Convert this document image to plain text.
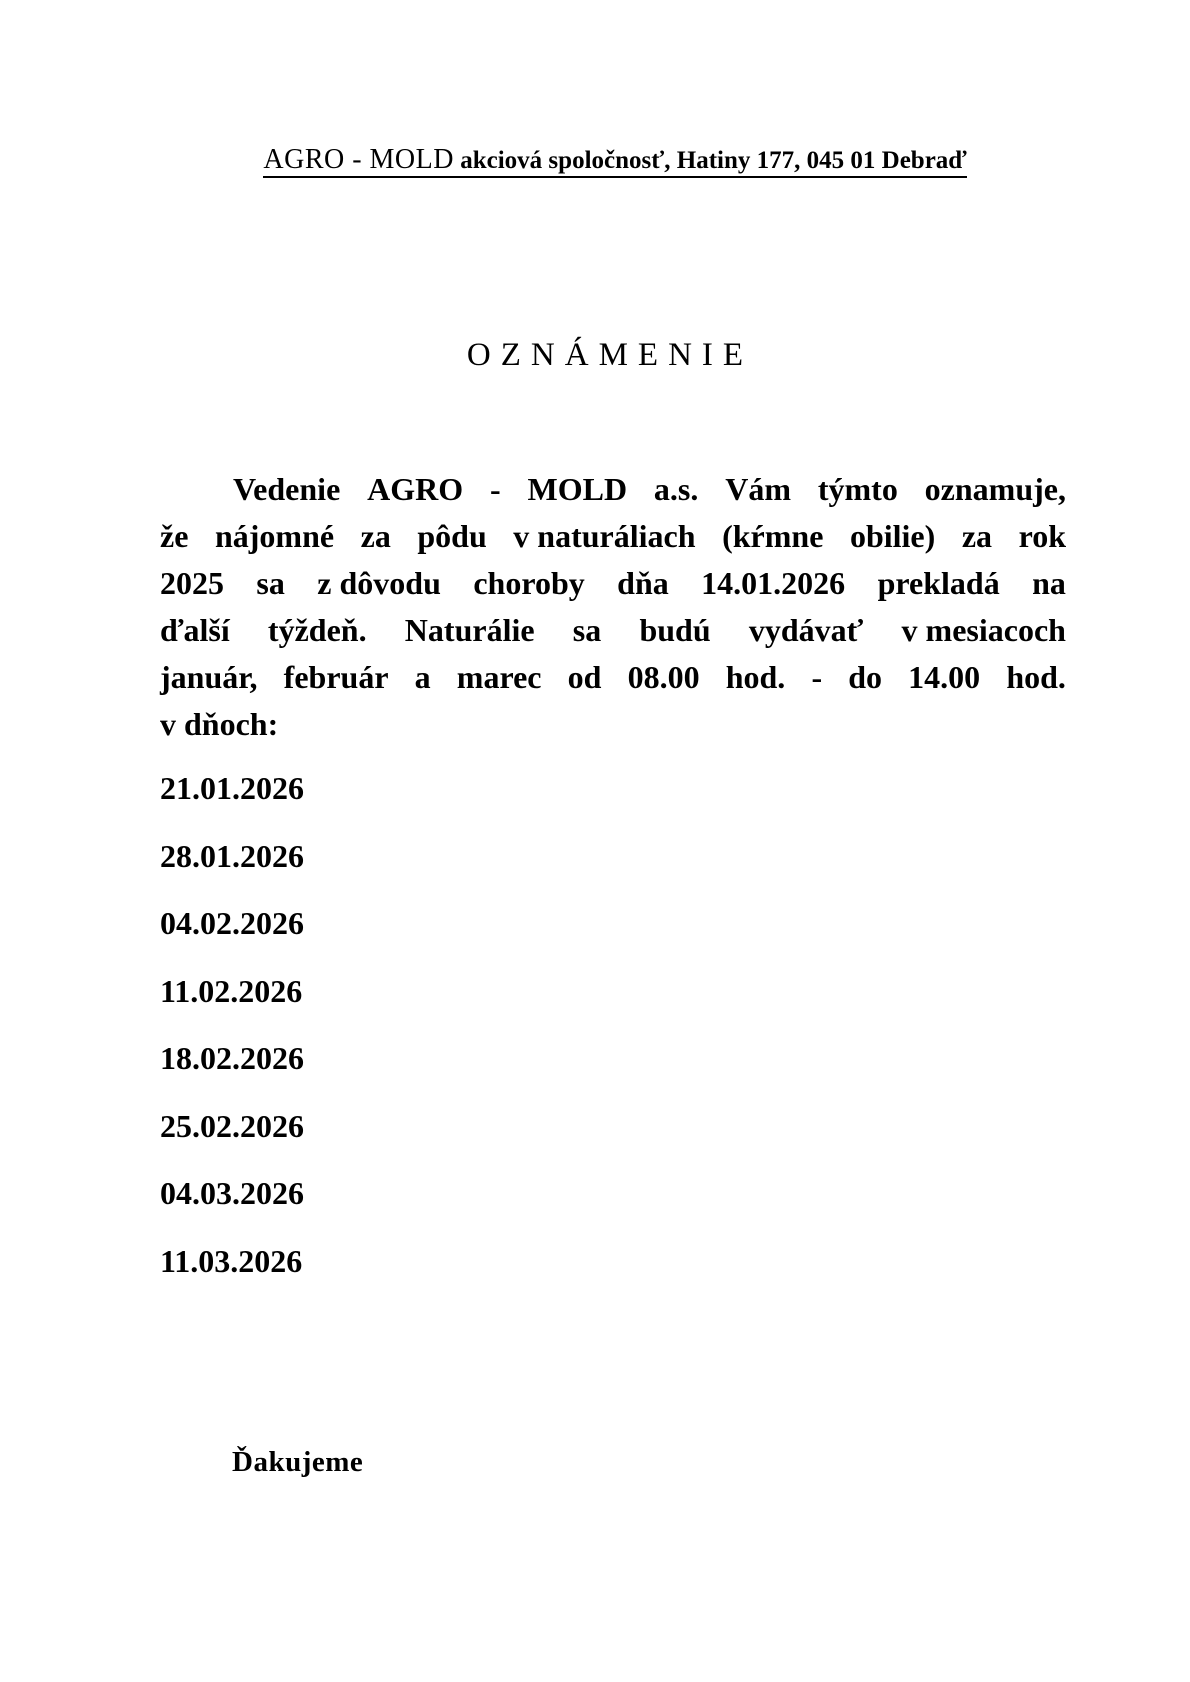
AGRO - MOLD akciová spoločnosť, Hatiny 177, 045 01 Debraď
OZNÁMENIE
Vedenie AGRO - MOLD a.s. Vám týmto oznamuje,
že nájomné za pôdu v naturáliach (kŕmne obilie) za rok
2025 sa z dôvodu choroby dňa 14.01.2026 prekladá na
ďalší týždeň. Naturálie sa budú vydávať v mesiacoch
január, február a marec od 08.00 hod. - do 14.00 hod.
v dňoch:
21.01.2026
28.01.2026
04.02.2026
11.02.2026
18.02.2026
25.02.2026
04.03.2026
11.03.2026
Ďakujeme
